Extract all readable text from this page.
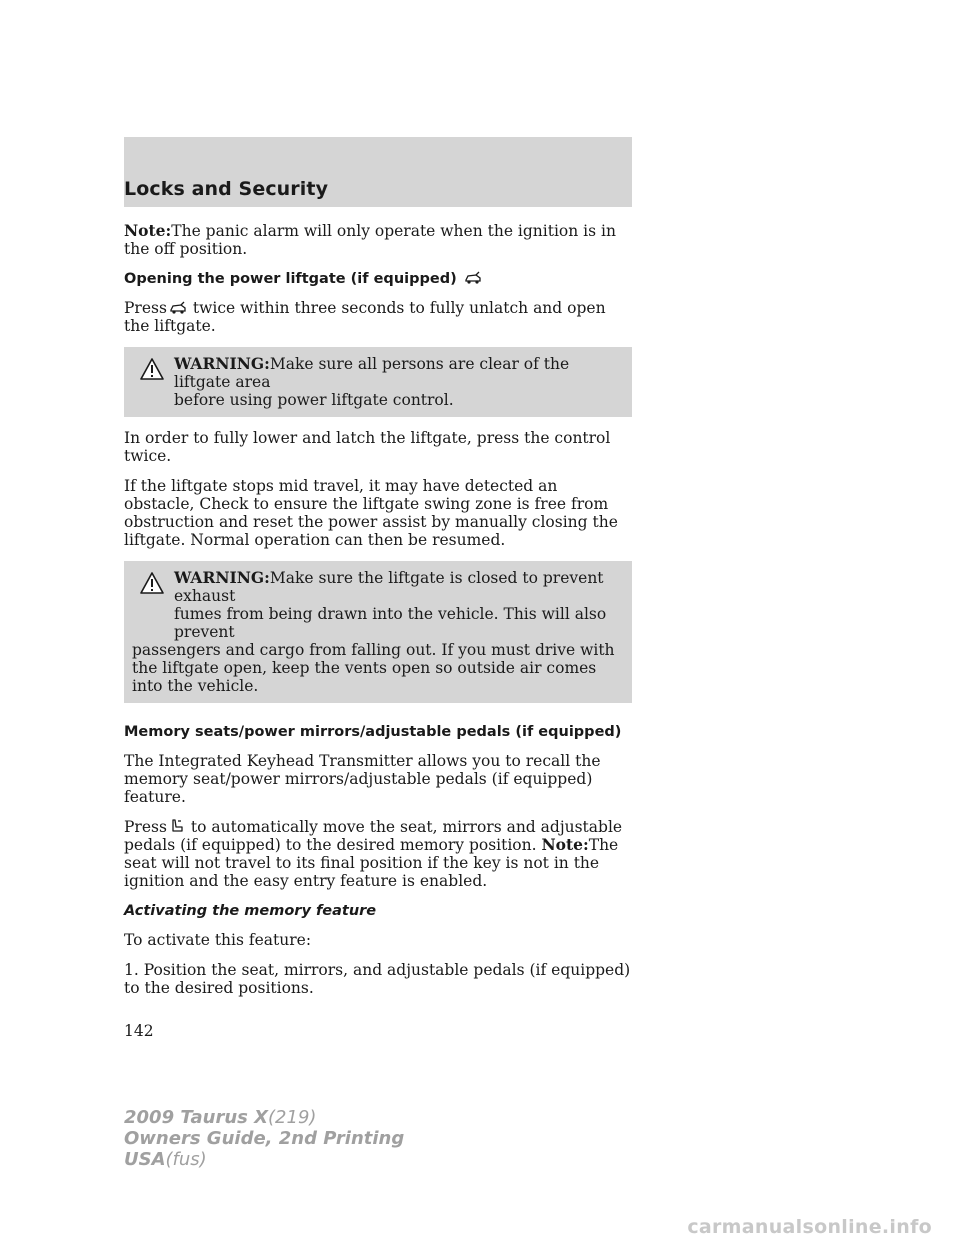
Locks and Security

Note:The panic alarm will only operate when the ignition is in the off position.

Opening the power liftgate (if equipped)

Press twice within three seconds to fully unlatch and open the liftgate.

WARNING:Make sure all persons are clear of the liftgate area
before using power liftgate control.

In order to fully lower and latch the liftgate, press the control twice.

If the liftgate stops mid travel, it may have detected an obstacle, Check to ensure the liftgate swing zone is free from obstruction and reset the power assist by manually closing the liftgate. Normal operation can then be resumed.

WARNING:Make sure the liftgate is closed to prevent exhaust
fumes from being drawn into the vehicle. This will also prevent
passengers and cargo from falling out. If you must drive with the liftgate open, keep the vents open so outside air comes into the vehicle.
Memory seats/power mirrors/adjustable pedals (if equipped)

The Integrated Keyhead Transmitter allows you to recall the memory seat/power mirrors/adjustable pedals (if equipped) feature.

Press to automatically move the seat, mirrors and adjustable pedals (if equipped) to the desired memory position. Note:The seat will not travel to its final position if the key is not in the ignition and the easy entry feature is enabled.

Activating the memory feature

To activate this feature:

1. Position the seat, mirrors, and adjustable pedals (if equipped) to the desired positions.

142
2009 Taurus X(219)
Owners Guide, 2nd Printing
USA(fus)
carmanualsonline.info
